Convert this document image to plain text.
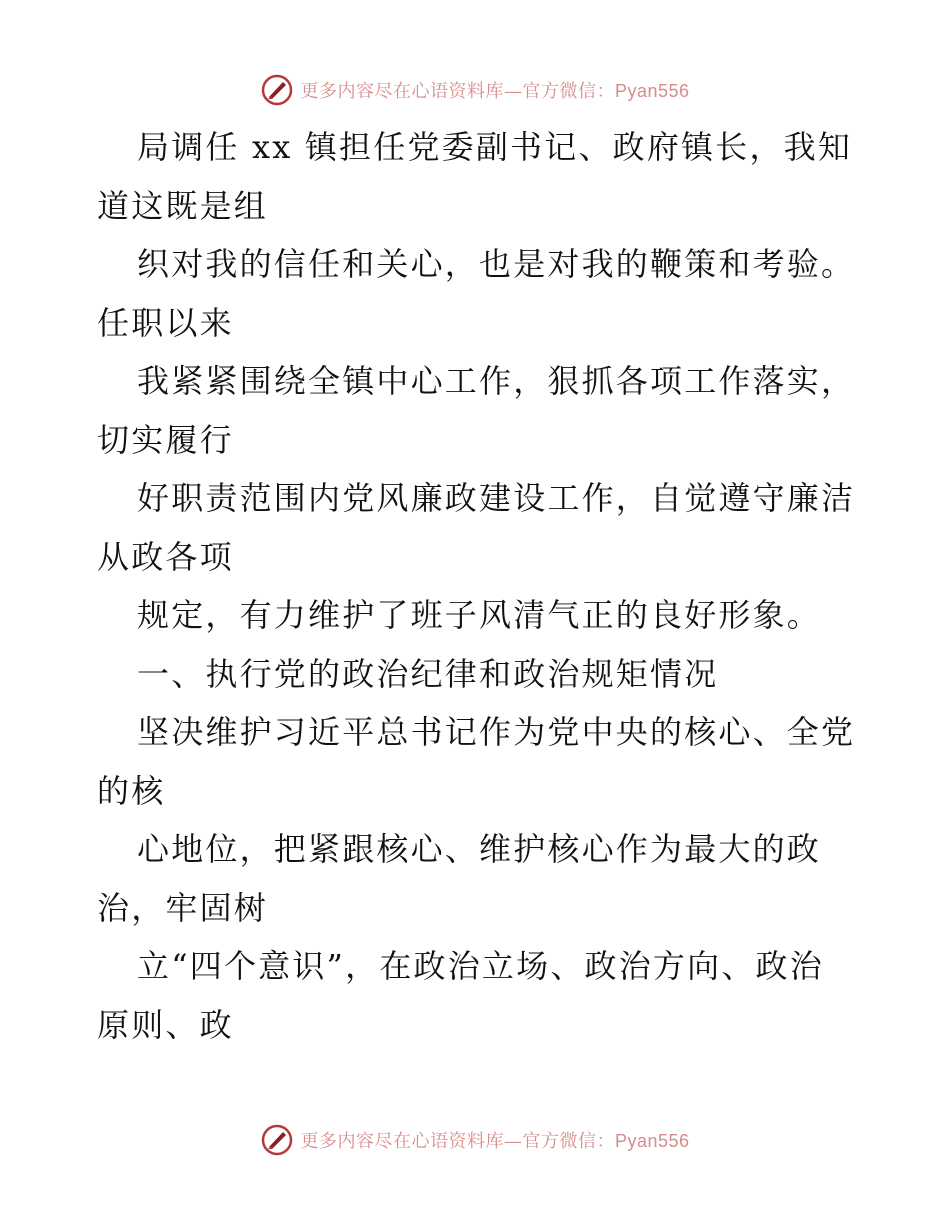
更多内容尽在心语资料库—官方微信：Pyan556
局调任 xx 镇担任党委副书记、政府镇长，我知
道这既是组
织对我的信任和关心，也是对我的鞭策和考验。
任职以来
我紧紧围绕全镇中心工作，狠抓各项工作落实，
切实履行
好职责范围内党风廉政建设工作，自觉遵守廉洁
从政各项
规定，有力维护了班子风清气正的良好形象。
一、执行党的政治纪律和政治规矩情况
坚决维护习近平总书记作为党中央的核心、全党
的核
心地位，把紧跟核心、维护核心作为最大的政
治，牢固树
立“四个意识”，在政治立场、政治方向、政治
原则、政
更多内容尽在心语资料库—官方微信：Pyan556
